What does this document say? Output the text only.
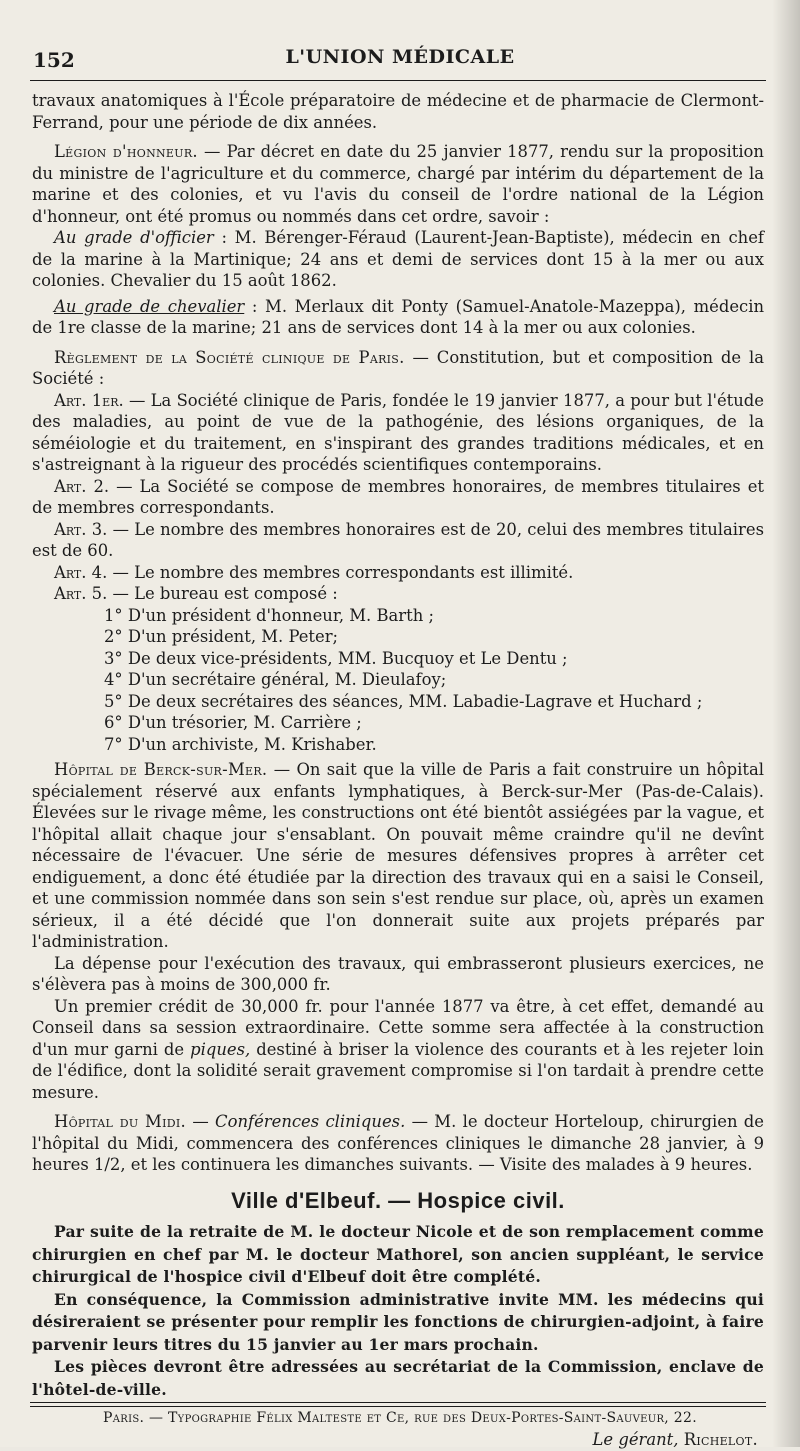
152	L'UNION MÉDICALE

travaux anatomiques à l'École préparatoire de médecine et de pharmacie de Clermont-Ferrand, pour une période de dix années.

Légion d'honneur. — Par décret en date du 25 janvier 1877, rendu sur la proposition du ministre de l'agriculture et du commerce, chargé par intérim du département de la marine et des colonies, et vu l'avis du conseil de l'ordre national de la Légion d'honneur, ont été promus ou nommés dans cet ordre, savoir :

Au grade d'officier : M. Bérenger-Féraud (Laurent-Jean-Baptiste), médecin en chef de la marine à la Martinique; 24 ans et demi de services dont 15 à la mer ou aux colonies. Chevalier du 15 août 1862.

Au grade de chevalier : M. Merlaux dit Ponty (Samuel-Anatole-Mazeppa), médecin de 1re classe de la marine; 21 ans de services dont 14 à la mer ou aux colonies.

Règlement de la Société clinique de Paris. — Constitution, but et composition de la Société :

Art. 1er. — La Société clinique de Paris, fondée le 19 janvier 1877, a pour but l'étude des maladies, au point de vue de la pathogénie, des lésions organiques, de la séméiologie et du traitement, en s'inspirant des grandes traditions médicales, et en s'astreignant à la rigueur des procédés scientifiques contemporains.

Art. 2. — La Société se compose de membres honoraires, de membres titulaires et de membres correspondants.

Art. 3. — Le nombre des membres honoraires est de 20, celui des membres titulaires est de 60.

Art. 4. — Le nombre des membres correspondants est illimité.

Art. 5. — Le bureau est composé :

1° D'un président d'honneur, M. Barth ;

2° D'un président, M. Peter;

3° De deux vice-présidents, MM. Bucquoy et Le Dentu ;

4° D'un secrétaire général, M. Dieulafoy;

5° De deux secrétaires des séances, MM. Labadie-Lagrave et Huchard ;

6° D'un trésorier, M. Carrière ;

7° D'un archiviste, M. Krishaber.

Hôpital de Berck-sur-Mer. — On sait que la ville de Paris a fait construire un hôpital spécialement réservé aux enfants lymphatiques, à Berck-sur-Mer (Pas-de-Calais). Élevées sur le rivage même, les constructions ont été bientôt assiégées par la vague, et l'hôpital allait chaque jour s'ensablant. On pouvait même craindre qu'il ne devînt nécessaire de l'évacuer. Une série de mesures défensives propres à arrêter cet endiguement, a donc été étudiée par la direction des travaux qui en a saisi le Conseil, et une commission nommée dans son sein s'est rendue sur place, où, après un examen sérieux, il a été décidé que l'on donnerait suite aux projets préparés par l'administration.

La dépense pour l'exécution des travaux, qui embrasseront plusieurs exercices, ne s'élèvera pas à moins de 300,000 fr.

Un premier crédit de 30,000 fr. pour l'année 1877 va être, à cet effet, demandé au Conseil dans sa session extraordinaire. Cette somme sera affectée à la construction d'un mur garni de piques, destiné à briser la violence des courants et à les rejeter loin de l'édifice, dont la solidité serait gravement compromise si l'on tardait à prendre cette mesure.

Hôpital du Midi. — Conférences cliniques. — M. le docteur Horteloup, chirurgien de l'hôpital du Midi, commencera des conférences cliniques le dimanche 28 janvier, à 9 heures 1/2, et les continuera les dimanches suivants. — Visite des malades à 9 heures.

Ville d'Elbeuf. — Hospice civil.

Par suite de la retraite de M. le docteur Nicole et de son remplacement comme chirurgien en chef par M. le docteur Mathorel, son ancien suppléant, le service chirurgical de l'hospice civil d'Elbeuf doit être complété.

En conséquence, la Commission administrative invite MM. les médecins qui désireraient se présenter pour remplir les fonctions de chirurgien-adjoint, à faire parvenir leurs titres du 15 janvier au 1er mars prochain.

Les pièces devront être adressées au secrétariat de la Commission, enclave de l'hôtel-de-ville.

Le gérant, Richelot.

Paris. — Typographie Félix Malteste et Ce, rue des Deux-Portes-Saint-Sauveur, 22.
